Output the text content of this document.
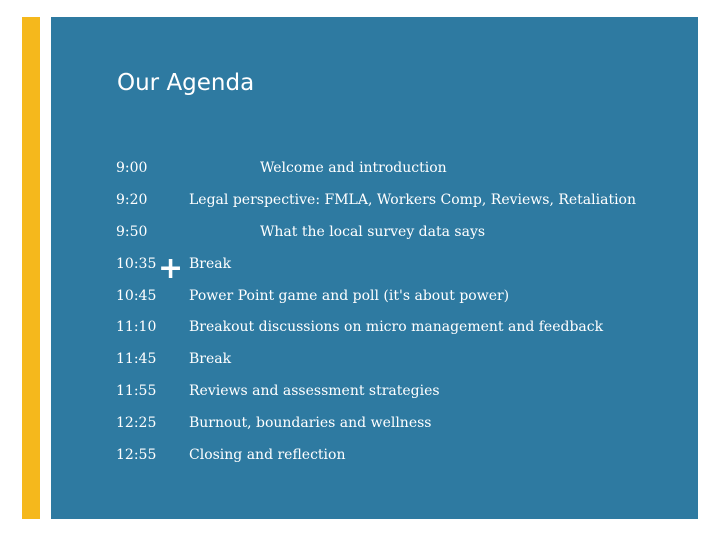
Our Agenda
+
9:00	Welcome and introduction
9:20	Legal perspective: FMLA, Workers Comp, Reviews, Retaliation
9:50	What the local survey data says
10:35 Break
10:45 Power Point game and poll (it's about power)
11:10 Breakout discussions on micro management and feedback
11:45 Break
11:55 Reviews and assessment strategies
12:25 Burnout, boundaries and wellness
12:55 Closing and reflection
